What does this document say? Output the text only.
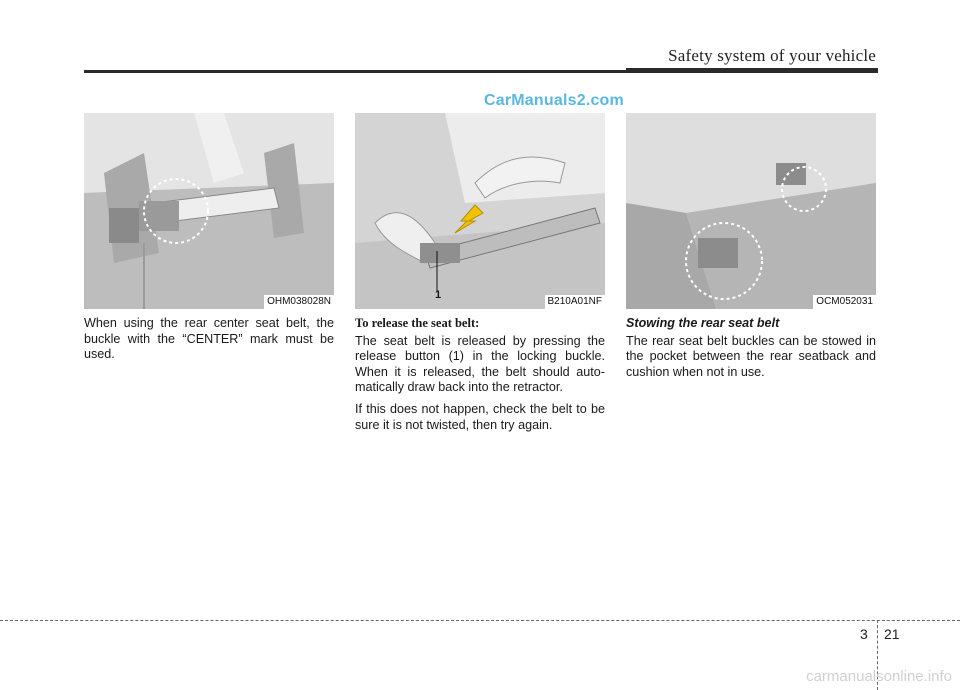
Safety system of your vehicle
CarManuals2.com
OHM038028N
1
B210A01NF	OCM052031

When using the rear center seat belt, the buckle with the “CENTER” mark must be used.

To release the seat belt:

The seat belt is released by pressing the release button (1) in the locking buckle. When it is released, the belt should auto-matically draw back into the retractor.

If this does not happen, check the belt to be sure it is not twisted, then try again.

Stowing the rear seat belt

The rear seat belt buckles can be stowed in the pocket between the rear seatback and cushion when not in use.

3 21
carmanualsonline.info
